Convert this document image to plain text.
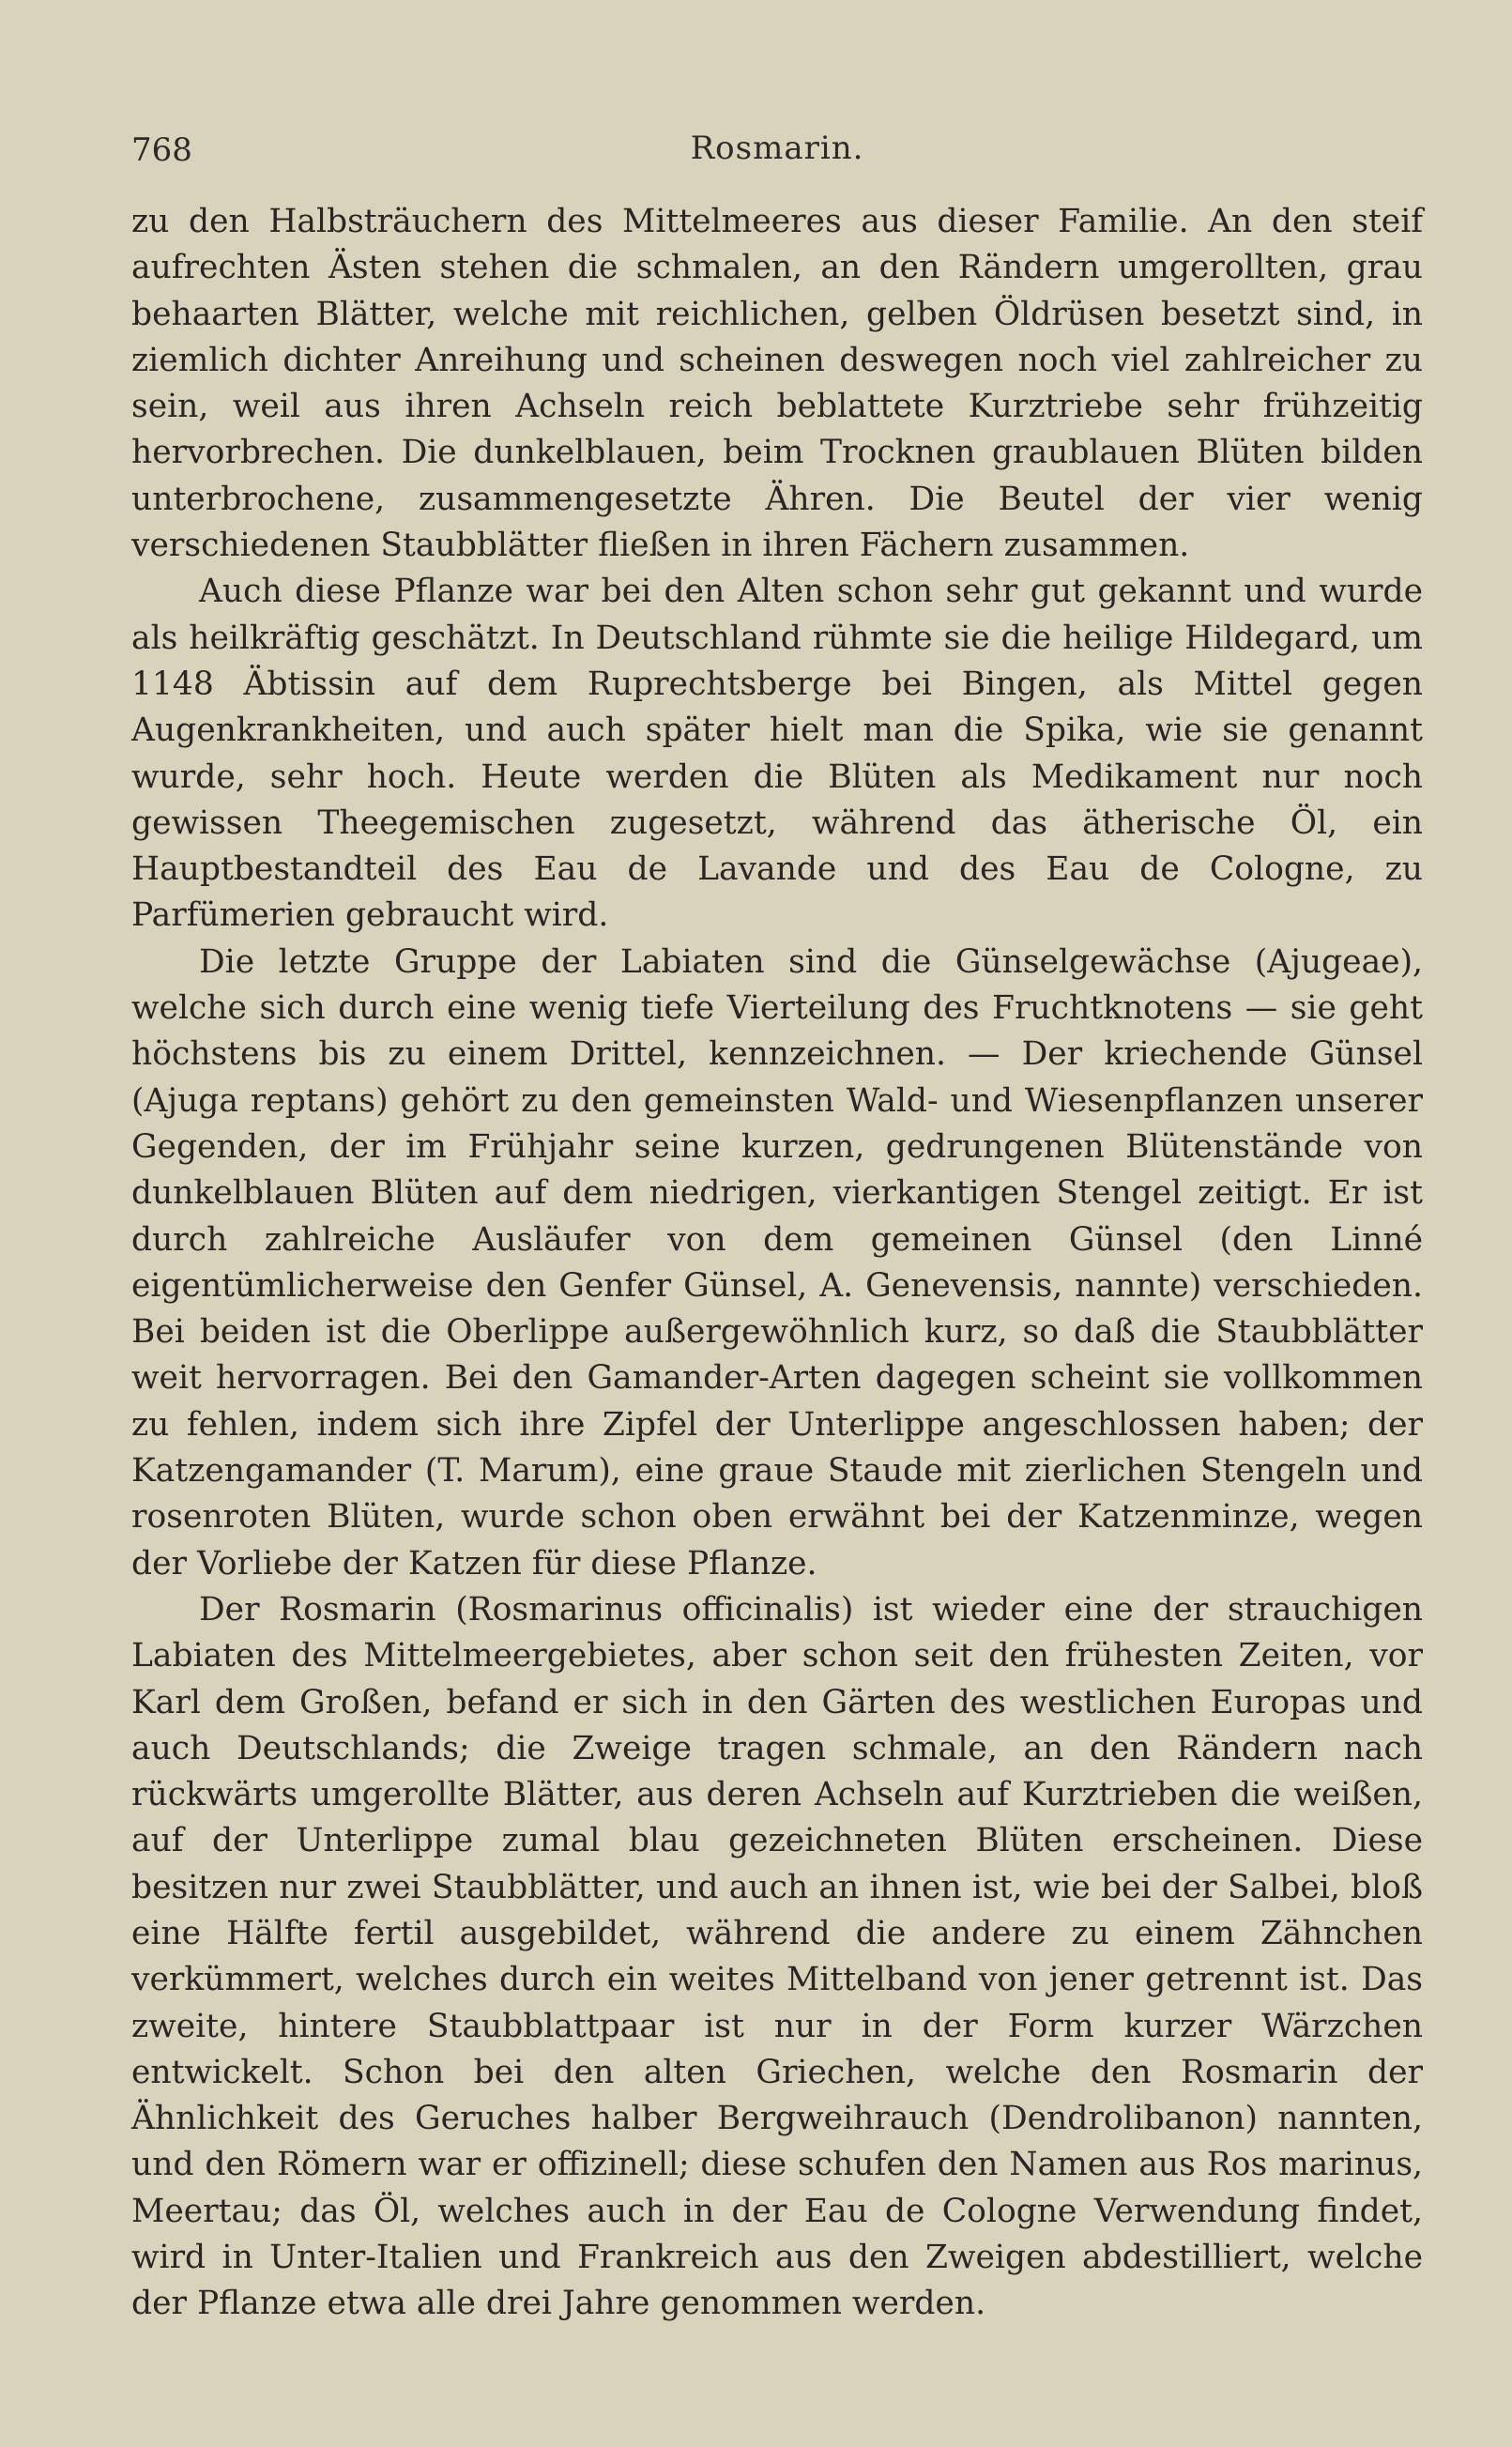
768	Rosmarin.

zu den Halbsträuchern des Mittelmeeres aus dieser Familie. An den steif aufrechten Ästen stehen die schmalen, an den Rändern umgerollten, grau behaarten Blätter, welche mit reichlichen, gelben Öldrüsen besetzt sind, in ziemlich dichter Anreihung und scheinen deswegen noch viel zahlreicher zu sein, weil aus ihren Achseln reich beblattete Kurztriebe sehr frühzeitig hervorbrechen. Die dunkelblauen, beim Trocknen graublauen Blüten bilden unterbrochene, zusammengesetzte Ähren. Die Beutel der vier wenig verschiedenen Staubblätter fließen in ihren Fächern zusammen.

Auch diese Pflanze war bei den Alten schon sehr gut gekannt und wurde als heilkräftig geschätzt. In Deutschland rühmte sie die heilige Hildegard, um 1148 Äbtissin auf dem Ruprechtsberge bei Bingen, als Mittel gegen Augenkrankheiten, und auch später hielt man die Spika, wie sie genannt wurde, sehr hoch. Heute werden die Blüten als Medikament nur noch gewissen Theegemischen zugesetzt, während das ätherische Öl, ein Hauptbestandteil des Eau de Lavande und des Eau de Cologne, zu Parfümerien gebraucht wird.

Die letzte Gruppe der Labiaten sind die Günselgewächse (Ajugeae), welche sich durch eine wenig tiefe Vierteilung des Fruchtknotens — sie geht höchstens bis zu einem Drittel, kennzeichnen. — Der kriechende Günsel (Ajuga reptans) gehört zu den gemeinsten Wald- und Wiesenpflanzen unserer Gegenden, der im Frühjahr seine kurzen, gedrungenen Blütenstände von dunkelblauen Blüten auf dem niedrigen, vierkantigen Stengel zeitigt. Er ist durch zahlreiche Ausläufer von dem gemeinen Günsel (den Linné eigentümlicherweise den Genfer Günsel, A. Genevensis, nannte) verschieden. Bei beiden ist die Oberlippe außergewöhnlich kurz, so daß die Staubblätter weit hervorragen. Bei den Gamander-Arten dagegen scheint sie vollkommen zu fehlen, indem sich ihre Zipfel der Unterlippe angeschlossen haben; der Katzengamander (T. Marum), eine graue Staude mit zierlichen Stengeln und rosenroten Blüten, wurde schon oben erwähnt bei der Katzenminze, wegen der Vorliebe der Katzen für diese Pflanze.

Der Rosmarin (Rosmarinus officinalis) ist wieder eine der strauchigen Labiaten des Mittelmeergebietes, aber schon seit den frühesten Zeiten, vor Karl dem Großen, befand er sich in den Gärten des westlichen Europas und auch Deutschlands; die Zweige tragen schmale, an den Rändern nach rückwärts umgerollte Blätter, aus deren Achseln auf Kurztrieben die weißen, auf der Unterlippe zumal blau gezeichneten Blüten erscheinen. Diese besitzen nur zwei Staubblätter, und auch an ihnen ist, wie bei der Salbei, bloß eine Hälfte fertil ausgebildet, während die andere zu einem Zähnchen verkümmert, welches durch ein weites Mittelband von jener getrennt ist. Das zweite, hintere Staubblattpaar ist nur in der Form kurzer Wärzchen entwickelt. Schon bei den alten Griechen, welche den Rosmarin der Ähnlichkeit des Geruches halber Bergweihrauch (Dendrolibanon) nannten, und den Römern war er offizinell; diese schufen den Namen aus Ros marinus, Meertau; das Öl, welches auch in der Eau de Cologne Verwendung findet, wird in Unter-Italien und Frankreich aus den Zweigen abdestilliert, welche der Pflanze etwa alle drei Jahre genommen werden.
